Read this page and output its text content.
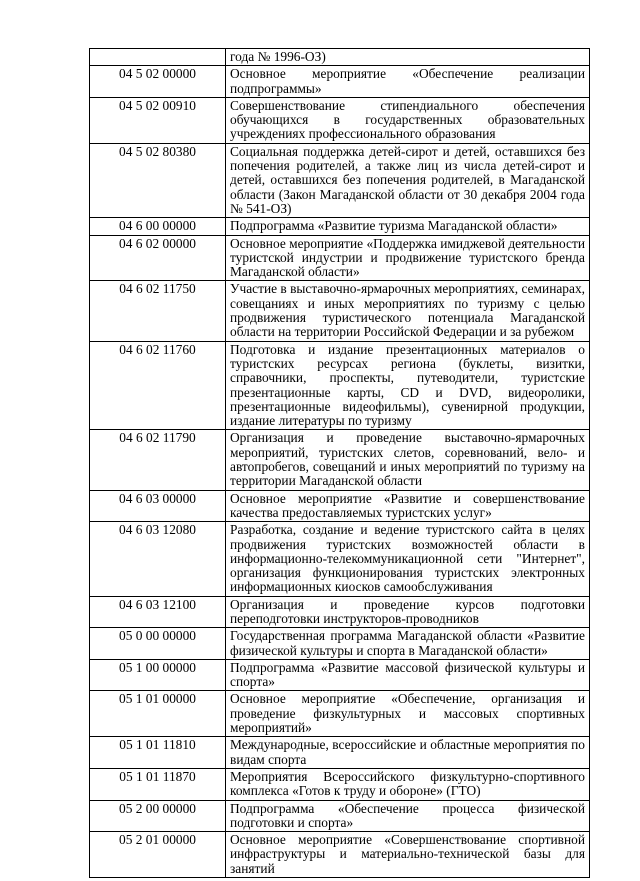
	года № 1996-ОЗ)
04 5 02 00000	Основное мероприятие «Обеспечение реализации подпрограммы»
04 5 02 00910	Совершенствование стипендиального обеспечения обучающихся в государственных образовательных учреждениях профессионального образования
04 5 02 80380	Социальная поддержка детей-сирот и детей, оставшихся без попечения родителей, а также лиц из числа детей-сирот и детей, оставшихся без попечения родителей, в Магаданской области (Закон Магаданской области от 30 декабря 2004 года № 541-ОЗ)
04 6 00 00000	Подпрограмма «Развитие туризма Магаданской области»
04 6 02 00000	Основное мероприятие «Поддержка имиджевой деятельности туристской индустрии и продвижение туристского бренда Магаданской области»
04 6 02 11750	Участие в выставочно-ярмарочных мероприятиях, семинарах, совещаниях и иных мероприятиях по туризму с целью продвижения туристического потенциала Магаданской области на территории Российской Федерации и за рубежом
04 6 02 11760	Подготовка и издание презентационных материалов о туристских ресурсах региона (буклеты, визитки, справочники, проспекты, путеводители, туристские презентационные карты, CD и DVD, видеоролики, презентационные видеофильмы), сувенирной продукции, издание литературы по туризму
04 6 02 11790	Организация и проведение выставочно-ярмарочных мероприятий, туристских слетов, соревнований, вело- и автопробегов, совещаний и иных мероприятий по туризму на территории Магаданской области
04 6 03 00000	Основное мероприятие «Развитие и совершенствование качества предоставляемых туристских услуг»
04 6 03 12080	Разработка, создание и ведение туристского сайта в целях продвижения туристских возможностей области в информационно-телекоммуникационной сети "Интернет", организация функционирования туристских электронных информационных киосков самообслуживания
04 6 03 12100	Организация и проведение курсов подготовки переподготовки инструкторов-проводников
05 0 00 00000	Государственная программа Магаданской области «Развитие физической культуры и спорта в Магаданской области»
05 1 00 00000	Подпрограмма «Развитие массовой физической культуры и спорта»
05 1 01 00000	Основное мероприятие «Обеспечение, организация и проведение физкультурных и массовых спортивных мероприятий»
05 1 01 11810	Международные, всероссийские и областные мероприятия по видам спорта
05 1 01 11870	Мероприятия Всероссийского физкультурно-спортивного комплекса «Готов к труду и обороне» (ГТО)
05 2 00 00000	Подпрограмма «Обеспечение процесса физической подготовки и спорта»
05 2 01 00000	Основное мероприятие «Совершенствование спортивной инфраструктуры и материально-технической базы для занятий
